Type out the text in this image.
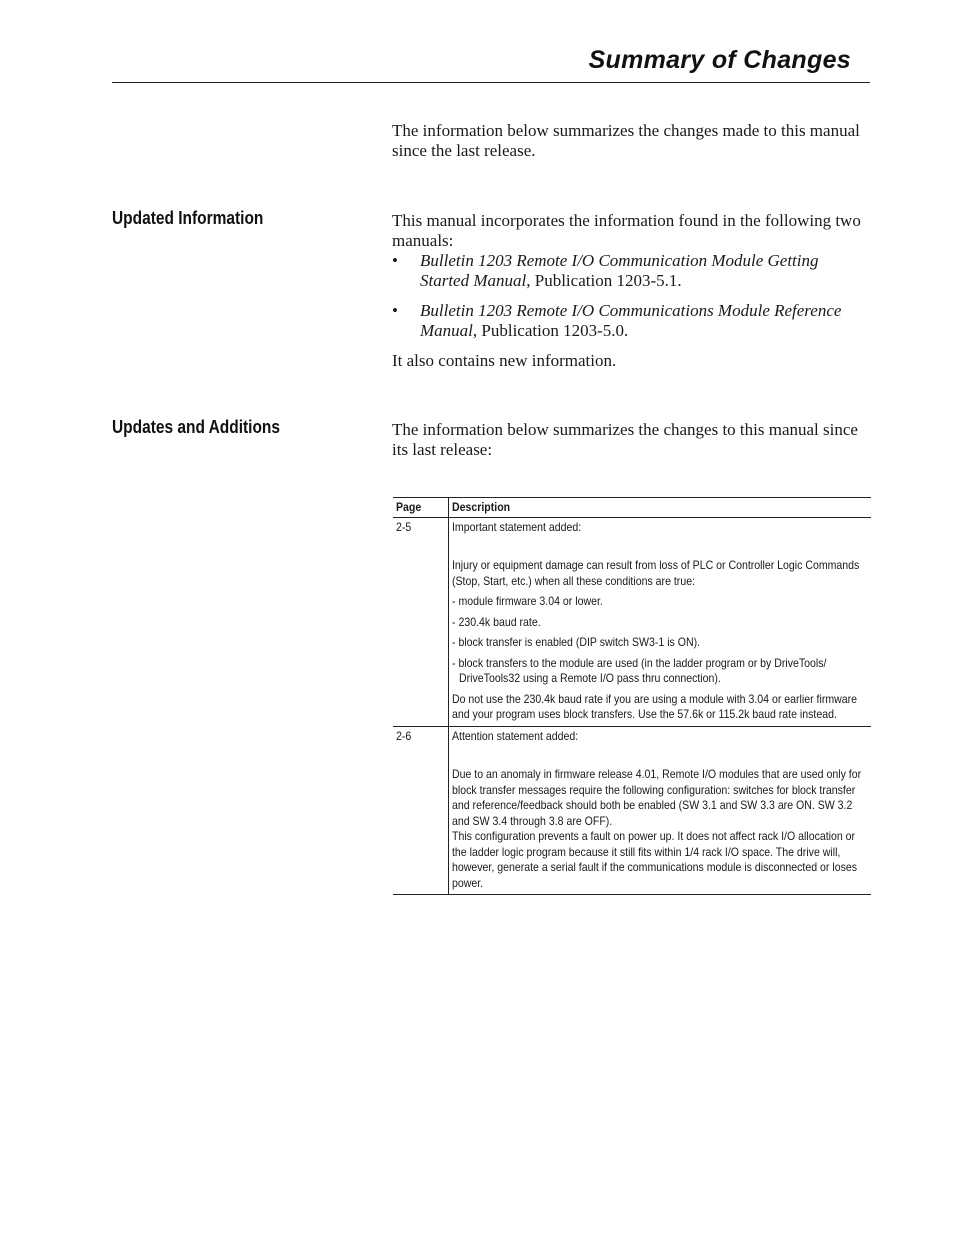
Summary of Changes
The information below summarizes the changes made to this manual since the last release.
Updated Information	This manual incorporates the information found in the following two manuals:
• Bulletin 1203 Remote I/O Communication Module Getting Started Manual, Publication 1203-5.1.
• Bulletin 1203 Remote I/O Communications Module Reference Manual, Publication 1203-5.0.
It also contains new information.
Updates and Additions	The information below summarizes the changes to this manual since its last release:
Page	Description
2-5	Important statement added:
Injury or equipment damage can result from loss of PLC or Controller Logic Commands (Stop, Start, etc.) when all these conditions are true:
- module firmware 3.04 or lower.
- 230.4k baud rate.
- block transfer is enabled (DIP switch SW3-1 is ON).
- block transfers to the module are used (in the ladder program or by DriveTools/ DriveTools32 using a Remote I/O pass thru connection).
Do not use the 230.4k baud rate if you are using a module with 3.04 or earlier firmware and your program uses block transfers. Use the 57.6k or 115.2k baud rate instead.
2-6	Attention statement added:
Due to an anomaly in firmware release 4.01, Remote I/O modules that are used only for block transfer messages require the following configuration: switches for block transfer and reference/feedback should both be enabled (SW 3.1 and SW 3.3 are ON. SW 3.2 and SW 3.4 through 3.8 are OFF).
This configuration prevents a fault on power up. It does not affect rack I/O allocation or the ladder logic program because it still fits within 1/4 rack I/O space. The drive will, however, generate a serial fault if the communications module is disconnected or loses power.
